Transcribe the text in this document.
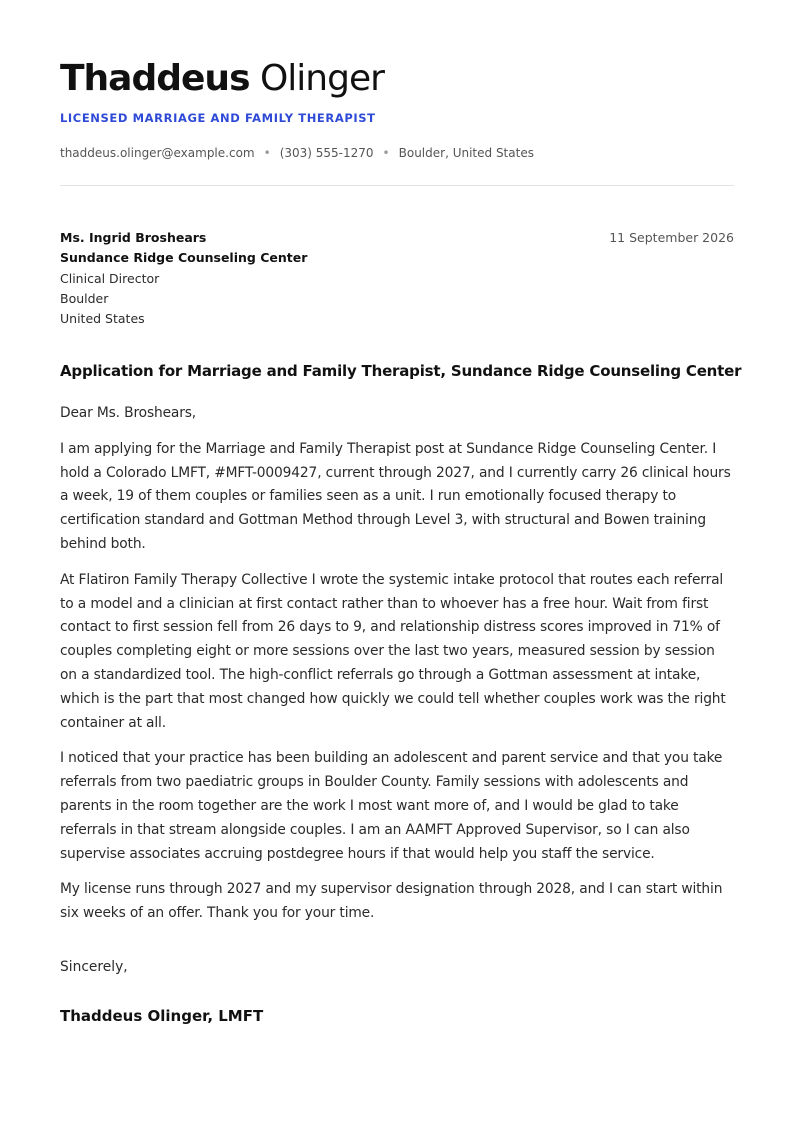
Thaddeus Olinger
LICENSED MARRIAGE AND FAMILY THERAPIST
thaddeus.olinger@example.com • (303) 555-1270 • Boulder, United States
Ms. Ingrid Broshears
Sundance Ridge Counseling Center
Clinical Director
Boulder
United States
11 September 2026
Application for Marriage and Family Therapist, Sundance Ridge Counseling Center

Dear Ms. Broshears,

I am applying for the Marriage and Family Therapist post at Sundance Ridge Counseling Center. I hold a Colorado LMFT, #MFT-0009427, current through 2027, and I currently carry 26 clinical hours a week, 19 of them couples or families seen as a unit. I run emotionally focused therapy to certification standard and Gottman Method through Level 3, with structural and Bowen training behind both.

At Flatiron Family Therapy Collective I wrote the systemic intake protocol that routes each referral to a model and a clinician at first contact rather than to whoever has a free hour. Wait from first contact to first session fell from 26 days to 9, and relationship distress scores improved in 71% of couples completing eight or more sessions over the last two years, measured session by session on a standardized tool. The high-conflict referrals go through a Gottman assessment at intake, which is the part that most changed how quickly we could tell whether couples work was the right container at all.

I noticed that your practice has been building an adolescent and parent service and that you take referrals from two paediatric groups in Boulder County. Family sessions with adolescents and parents in the room together are the work I most want more of, and I would be glad to take referrals in that stream alongside couples. I am an AAMFT Approved Supervisor, so I can also supervise associates accruing postdegree hours if that would help you staff the service.

My license runs through 2027 and my supervisor designation through 2028, and I can start within six weeks of an offer. Thank you for your time.

Sincerely,
Thaddeus Olinger, LMFT
